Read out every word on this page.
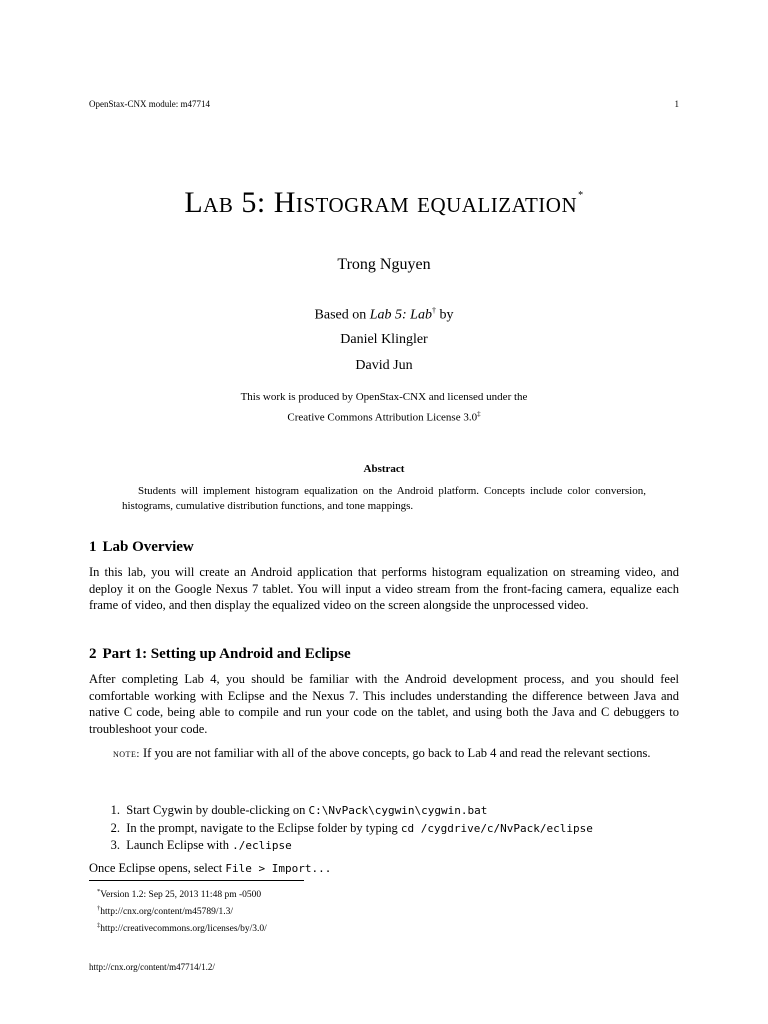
OpenStax-CNX module: m47714	1
Lab 5: Histogram equalization*
Trong Nguyen
Based on Lab 5: Lab† by
Daniel Klingler
David Jun
This work is produced by OpenStax-CNX and licensed under the
Creative Commons Attribution License 3.0‡
Abstract
Students will implement histogram equalization on the Android platform. Concepts include color conversion, histograms, cumulative distribution functions, and tone mappings.
1 Lab Overview
In this lab, you will create an Android application that performs histogram equalization on streaming video, and deploy it on the Google Nexus 7 tablet. You will input a video stream from the front-facing camera, equalize each frame of video, and then display the equalized video on the screen alongside the unprocessed video.
2 Part 1: Setting up Android and Eclipse
After completing Lab 4, you should be familiar with the Android development process, and you should feel comfortable working with Eclipse and the Nexus 7. This includes understanding the difference between Java and native C code, being able to compile and run your code on the tablet, and using both the Java and C debuggers to troubleshoot your code.
note: If you are not familiar with all of the above concepts, go back to Lab 4 and read the relevant sections.
1.
Start Cygwin by double-clicking on C:\NvPack\cygwin\cygwin.bat
2.
In the prompt, navigate to the Eclipse folder by typing cd /cygdrive/c/NvPack/eclipse
3.
Launch Eclipse with ./eclipse
Once Eclipse opens, select File > Import...
*Version 1.2: Sep 25, 2013 11:48 pm -0500
†http://cnx.org/content/m45789/1.3/
‡http://creativecommons.org/licenses/by/3.0/
http://cnx.org/content/m47714/1.2/
